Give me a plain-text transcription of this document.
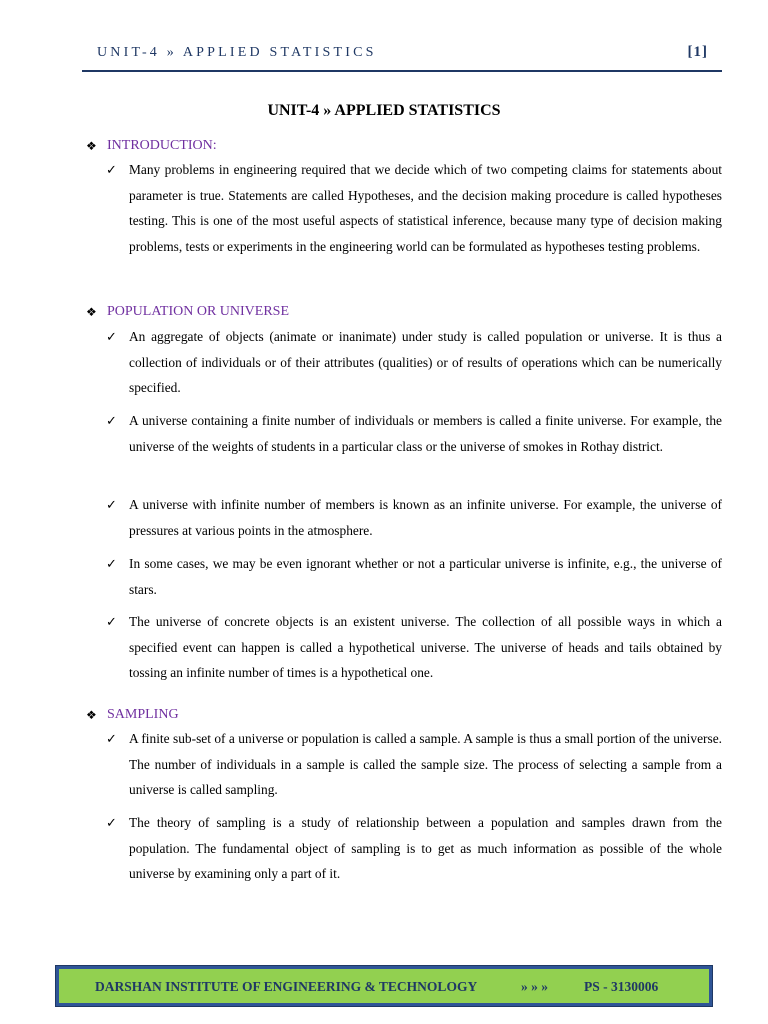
UNIT-4 » APPLIED STATISTICS	[1]
UNIT-4 » APPLIED STATISTICS
❖ INTRODUCTION:
✓ Many problems in engineering required that we decide which of two competing claims for statements about parameter is true. Statements are called Hypotheses, and the decision making procedure is called hypotheses testing. This is one of the most useful aspects of statistical inference, because many type of decision making problems, tests or experiments in the engineering world can be formulated as hypotheses testing problems.
❖ POPULATION OR UNIVERSE
✓ An aggregate of objects (animate or inanimate) under study is called population or universe. It is thus a collection of individuals or of their attributes (qualities) or of results of operations which can be numerically specified.
✓ A universe containing a finite number of individuals or members is called a finite universe. For example, the universe of the weights of students in a particular class or the universe of smokes in Rothay district.
✓ A universe with infinite number of members is known as an infinite universe. For example, the universe of pressures at various points in the atmosphere.
✓ In some cases, we may be even ignorant whether or not a particular universe is infinite, e.g., the universe of stars.
✓ The universe of concrete objects is an existent universe. The collection of all possible ways in which a specified event can happen is called a hypothetical universe. The universe of heads and tails obtained by tossing an infinite number of times is a hypothetical one.
❖ SAMPLING
✓ A finite sub-set of a universe or population is called a sample. A sample is thus a small portion of the universe. The number of individuals in a sample is called the sample size. The process of selecting a sample from a universe is called sampling.
✓ The theory of sampling is a study of relationship between a population and samples drawn from the population. The fundamental object of sampling is to get as much information as possible of the whole universe by examining only a part of it.
DARSHAN INSTITUTE OF ENGINEERING & TECHNOLOGY	» » »	PS - 3130006
